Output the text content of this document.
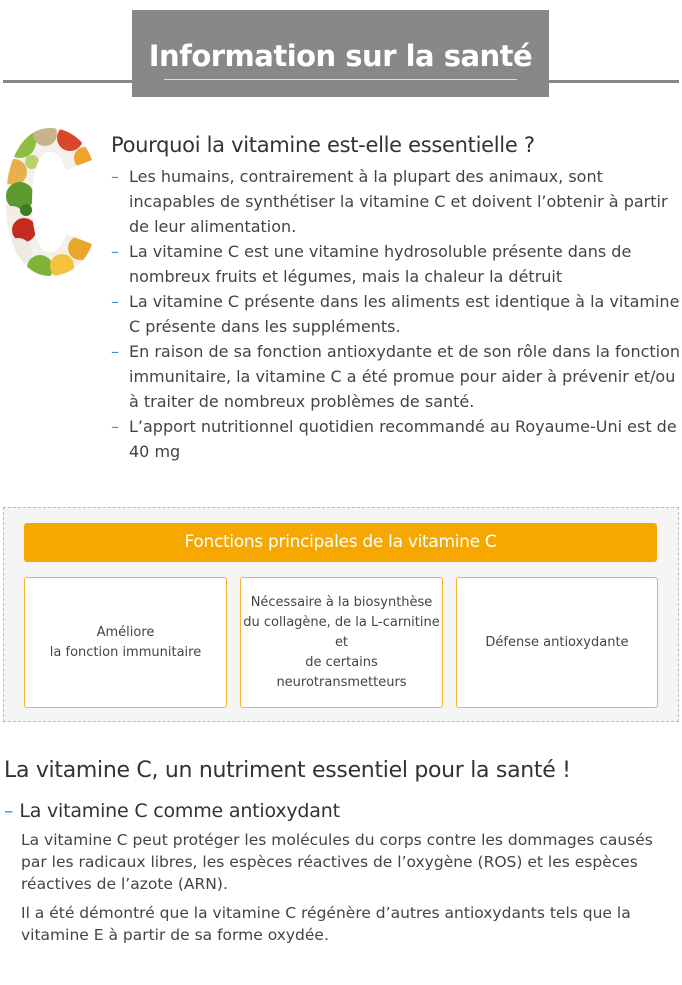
Information sur la santé
Pourquoi la vitamine est-elle essentielle ?
– Les humains, contrairement à la plupart des animaux, sont incapables de synthétiser la vitamine C et doivent l’obtenir à partir de leur alimentation.
– La vitamine C est une vitamine hydrosoluble présente dans de nombreux fruits et légumes, mais la chaleur la détruit
– La vitamine C présente dans les aliments est identique à la vitamine C présente dans les suppléments.
– En raison de sa fonction antioxydante et de son rôle dans la fonction immunitaire, la vitamine C a été promue pour aider à prévenir et/ou à traiter de nombreux problèmes de santé.
– L’apport nutritionnel quotidien recommandé au Royaume-Uni est de 40 mg
Fonctions principales de la vitamine C
Améliore
la fonction immunitaire
Nécessaire à la biosynthèse
du collagène, de la L-carnitine
et
de certains
neurotransmetteurs
Défense antioxydante
La vitamine C, un nutriment essentiel pour la santé !
– La vitamine C comme antioxydant

La vitamine C peut protéger les molécules du corps contre les dommages causés par les radicaux libres, les espèces réactives de l’oxygène (ROS) et les espèces réactives de l’azote (ARN).

Il a été démontré que la vitamine C régénère d’autres antioxydants tels que la vitamine E à partir de sa forme oxydée.
